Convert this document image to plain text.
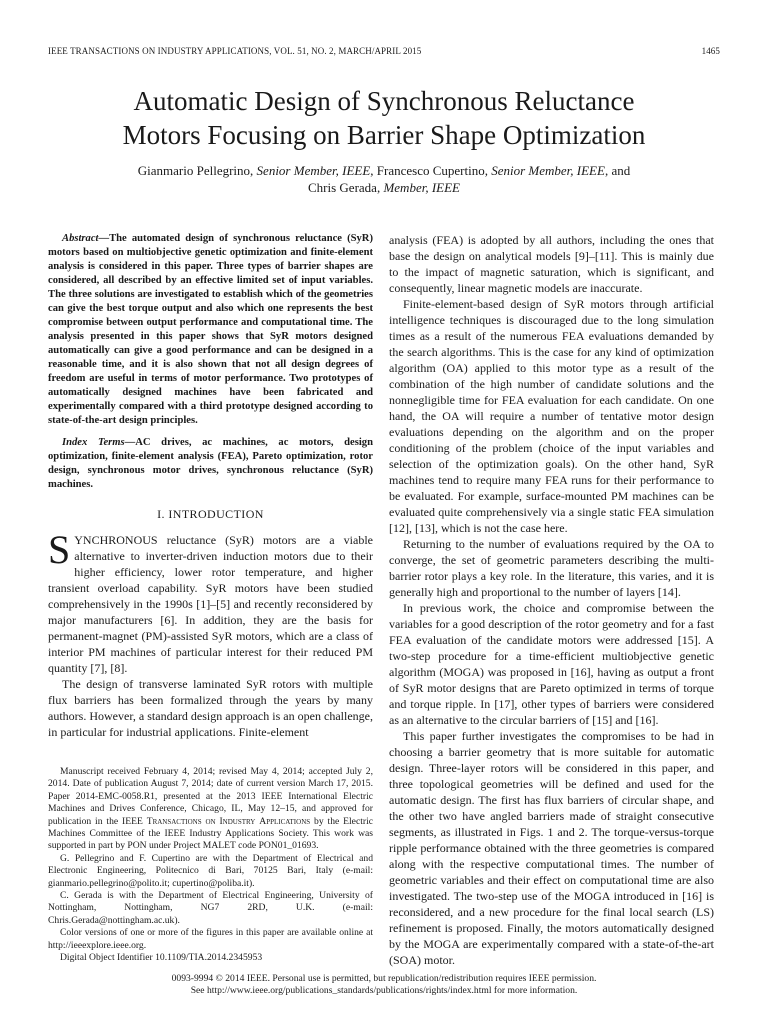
IEEE TRANSACTIONS ON INDUSTRY APPLICATIONS, VOL. 51, NO. 2, MARCH/APRIL 2015	1465
Automatic Design of Synchronous Reluctance
Motors Focusing on Barrier Shape Optimization
Gianmario Pellegrino, Senior Member, IEEE, Francesco Cupertino, Senior Member, IEEE, and
Chris Gerada, Member, IEEE

Abstract—The automated design of synchronous reluctance (SyR) motors based on multiobjective genetic optimization and finite-element analysis is considered in this paper. Three types of barrier shapes are considered, all described by an effective limited set of input variables. The three solutions are investigated to establish which of the geometries can give the best torque output and also which one represents the best compromise between output performance and computational time. The analysis presented in this paper shows that SyR motors designed automatically can give a good performance and can be designed in a reasonable time, and it is also shown that not all design degrees of freedom are useful in terms of motor performance. Two prototypes of automatically designed machines have been fabricated and experimentally compared with a third prototype designed according to state-of-the-art design principles.

Index Terms—AC drives, ac machines, ac motors, design optimization, finite-element analysis (FEA), Pareto optimization, rotor design, synchronous motor drives, synchronous reluctance (SyR) machines.

I. INTRODUCTION

SYNCHRONOUS reluctance (SyR) motors are a viable alternative to inverter-driven induction motors due to their higher efficiency, lower rotor temperature, and higher transient overload capability. SyR motors have been studied comprehensively in the 1990s [1]–[5] and recently reconsidered by major manufacturers [6]. In addition, they are the basis for permanent-magnet (PM)-assisted SyR motors, which are a class of interior PM machines of particular interest for their reduced PM quantity [7], [8].

The design of transverse laminated SyR rotors with multiple flux barriers has been formalized through the years by many authors. However, a standard design approach is an open challenge, in particular for industrial applications. Finite-element

analysis (FEA) is adopted by all authors, including the ones that base the design on analytical models [9]–[11]. This is mainly due to the impact of magnetic saturation, which is significant, and consequently, linear magnetic models are inaccurate.

Finite-element-based design of SyR motors through artificial intelligence techniques is discouraged due to the long simulation times as a result of the numerous FEA evaluations demanded by the search algorithms. This is the case for any kind of optimization algorithm (OA) applied to this motor type as a result of the combination of the high number of candidate solutions and the nonnegligible time for FEA evaluation for each candidate. On one hand, the OA will require a number of tentative motor design evaluations depending on the algorithm and on the proper conditioning of the problem (choice of the input variables and selection of the optimization goals). On the other hand, SyR machines tend to require many FEA runs for their performance to be evaluated. For example, surface-mounted PM machines can be evaluated quite comprehensively via a single static FEA simulation [12], [13], which is not the case here.

Returning to the number of evaluations required by the OA to converge, the set of geometric parameters describing the multi-barrier rotor plays a key role. In the literature, this varies, and it is generally high and proportional to the number of layers [14].

In previous work, the choice and compromise between the variables for a good description of the rotor geometry and for a fast FEA evaluation of the candidate motors were addressed [15]. A two-step procedure for a time-efficient multiobjective genetic algorithm (MOGA) was proposed in [16], having as output a front of SyR motor designs that are Pareto optimized in terms of torque and torque ripple. In [17], other types of barriers were considered as an alternative to the circular barriers of [15] and [16].

This paper further investigates the compromises to be had in choosing a barrier geometry that is more suitable for automatic design. Three-layer rotors will be considered in this paper, and three topological geometries will be defined and used for the automatic design. The first has flux barriers of circular shape, and the other two have angled barriers made of straight consecutive segments, as illustrated in Figs. 1 and 2. The torque-versus-torque ripple performance obtained with the three geometries is compared along with the respective computational times. The number of geometric variables and their effect on computational time are also investigated. The two-step use of the MOGA introduced in [16] is reconsidered, and a new procedure for the final local search (LS) refinement is proposed. Finally, the motors automatically designed by the MOGA are experimentally compared with a state-of-the-art (SOA) motor.

Manuscript received February 4, 2014; revised May 4, 2014; accepted July 2, 2014. Date of publication August 7, 2014; date of current version March 17, 2015. Paper 2014-EMC-0058.R1, presented at the 2013 IEEE International Electric Machines and Drives Conference, Chicago, IL, May 12–15, and approved for publication in the IEEE Transactions on Industry Applications by the Electric Machines Committee of the IEEE Industry Applications Society. This work was supported in part by PON under Project MALET code PON01_01693.

G. Pellegrino and F. Cupertino are with the Department of Electrical and Electronic Engineering, Politecnico di Bari, 70125 Bari, Italy (e-mail: gianmario.pellegrino@polito.it; cupertino@poliba.it).

C. Gerada is with the Department of Electrical Engineering, University of Nottingham, Nottingham, NG7 2RD, U.K. (e-mail: Chris.Gerada@nottingham.ac.uk).

Color versions of one or more of the figures in this paper are available online at http://ieeexplore.ieee.org.

Digital Object Identifier 10.1109/TIA.2014.2345953

0093-9994 © 2014 IEEE. Personal use is permitted, but republication/redistribution requires IEEE permission.
See http://www.ieee.org/publications_standards/publications/rights/index.html for more information.
